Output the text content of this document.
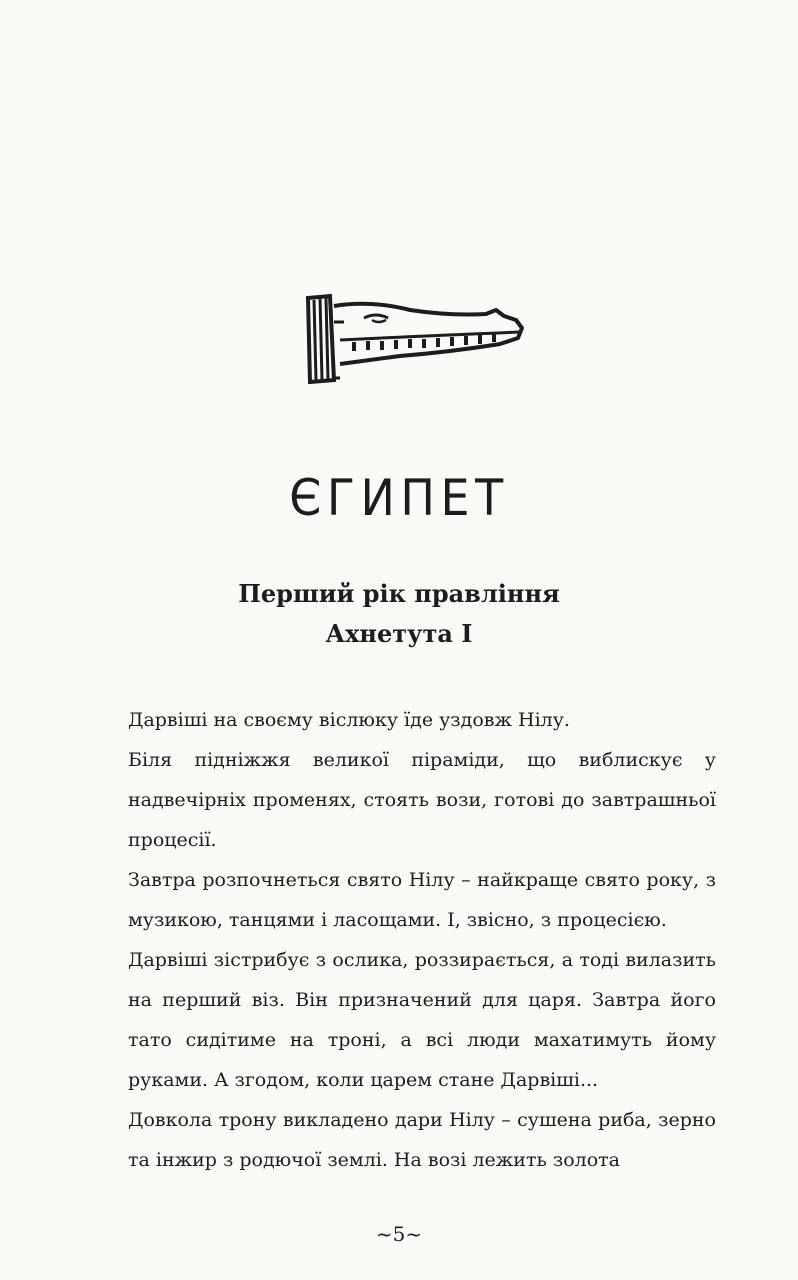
ЄГИПЕТ
Перший рік правління
Ахнетута І

Дарвіші на своєму віслюку їде уздовж Нілу.

Біля підніжжя великої піраміди, що виблискує у надвечірніх променях, стоять вози, готові до завтрашньої процесії.

Завтра розпочнеться свято Нілу – найкраще свято року, з музикою, танцями і ласощами. І, звісно, з процесією.

Дарвіші зістрибує з ослика, роззирається, а тоді вилазить на перший віз. Він призначений для царя. Завтра його тато сидітиме на троні, а всі люди махатимуть йому руками. А згодом, коли царем стане Дарвіші...

Довкола трону викладено дари Нілу – сушена риба, зерно та інжир з родючої землі. На возі лежить золота

~5~
